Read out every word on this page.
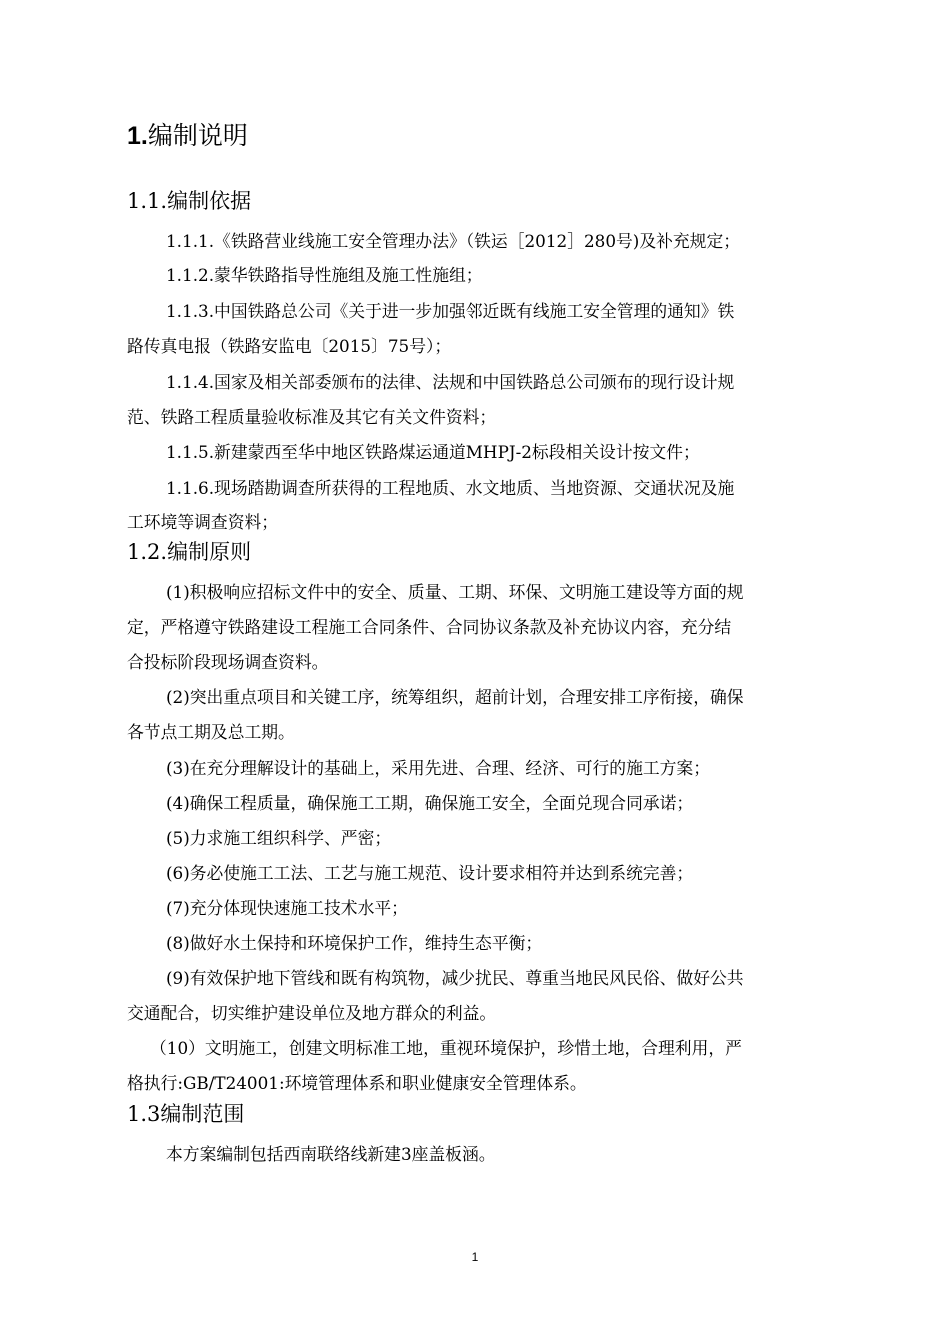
1.编制说明
1.1.编制依据
1.1.1.《铁路营业线施工安全管理办法》（铁运［2012］280号)及补充规定；
1.1.2.蒙华铁路指导性施组及施工性施组；
1.1.3.中国铁路总公司《关于进一步加强邻近既有线施工安全管理的通知》铁
路传真电报（铁路安监电〔2015〕75号）；
1.1.4.国家及相关部委颁布的法律、法规和中国铁路总公司颁布的现行设计规
范、铁路工程质量验收标准及其它有关文件资料；
1.1.5.新建蒙西至华中地区铁路煤运通道MHPJ-2标段相关设计按文件；
1.1.6.现场踏勘调查所获得的工程地质、水文地质、当地资源、交通状况及施
工环境等调查资料；
1.2.编制原则
(1)积极响应招标文件中的安全、质量、工期、环保、文明施工建设等方面的规
定，严格遵守铁路建设工程施工合同条件、合同协议条款及补充协议内容，充分结
合投标阶段现场调查资料。
(2)突出重点项目和关键工序，统筹组织，超前计划，合理安排工序衔接，确保
各节点工期及总工期。
(3)在充分理解设计的基础上，采用先进、合理、经济、可行的施工方案；
(4)确保工程质量，确保施工工期，确保施工安全，全面兑现合同承诺；
(5)力求施工组织科学、严密；
(6)务必使施工工法、工艺与施工规范、设计要求相符并达到系统完善；
(7)充分体现快速施工技术水平；
(8)做好水土保持和环境保护工作，维持生态平衡；
(9)有效保护地下管线和既有构筑物，减少扰民、尊重当地民风民俗、做好公共
交通配合，切实维护建设单位及地方群众的利益。
（10）文明施工，创建文明标准工地，重视环境保护，珍惜土地，合理利用，严
格执行:GB/T24001:环境管理体系和职业健康安全管理体系。
1.3编制范围
本方案编制包括西南联络线新建3座盖板涵。
1
